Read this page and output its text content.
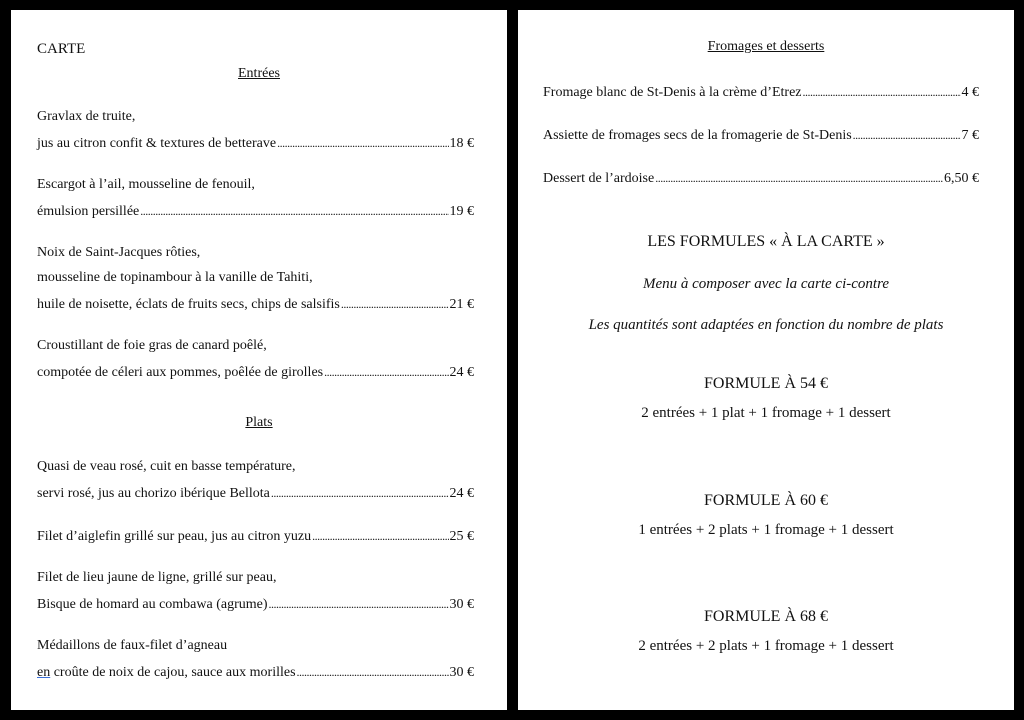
CARTE
Entrées
Gravlax de truite,
jus au citron confit & textures de betterave .....	18 €
Escargot à l’ail, mousseline de fenouil,
émulsion persillée .....	19 €
Noix de Saint-Jacques rôties,
mousseline de topinambour à la vanille de Tahiti,
huile de noisette, éclats de fruits secs, chips de salsifis .....	21 €
Croustillant de foie gras de canard poêlé,
compotée de céleri aux pommes, poêlée de girolles .....	24 €
Plats
Quasi de veau rosé, cuit en basse température,
servi rosé, jus au chorizo ibérique Bellota .....	24 €
Filet d’aiglefin grillé sur peau, jus au citron yuzu .....	25 €
Filet de lieu jaune de ligne, grillé sur peau,
Bisque de homard au combawa (agrume) .....	30 €
Médaillons de faux-filet d’agneau
en croûte de noix de cajou, sauce aux morilles .....	30 €
Fromages et desserts
Fromage blanc de St-Denis à la crème d’Etrez .....	4 €
Assiette de fromages secs de la fromagerie de St-Denis .....	7 €
Dessert de l’ardoise .....	6,50 €
LES FORMULES « À LA CARTE »
Menu à composer avec la carte ci-contre
Les quantités sont adaptées en fonction du nombre de plats
FORMULE À 54 €
2 entrées + 1 plat + 1 fromage + 1 dessert
FORMULE À 60 €
1 entrées + 2 plats + 1 fromage + 1 dessert
FORMULE À 68 €
2 entrées + 2 plats + 1 fromage + 1 dessert
